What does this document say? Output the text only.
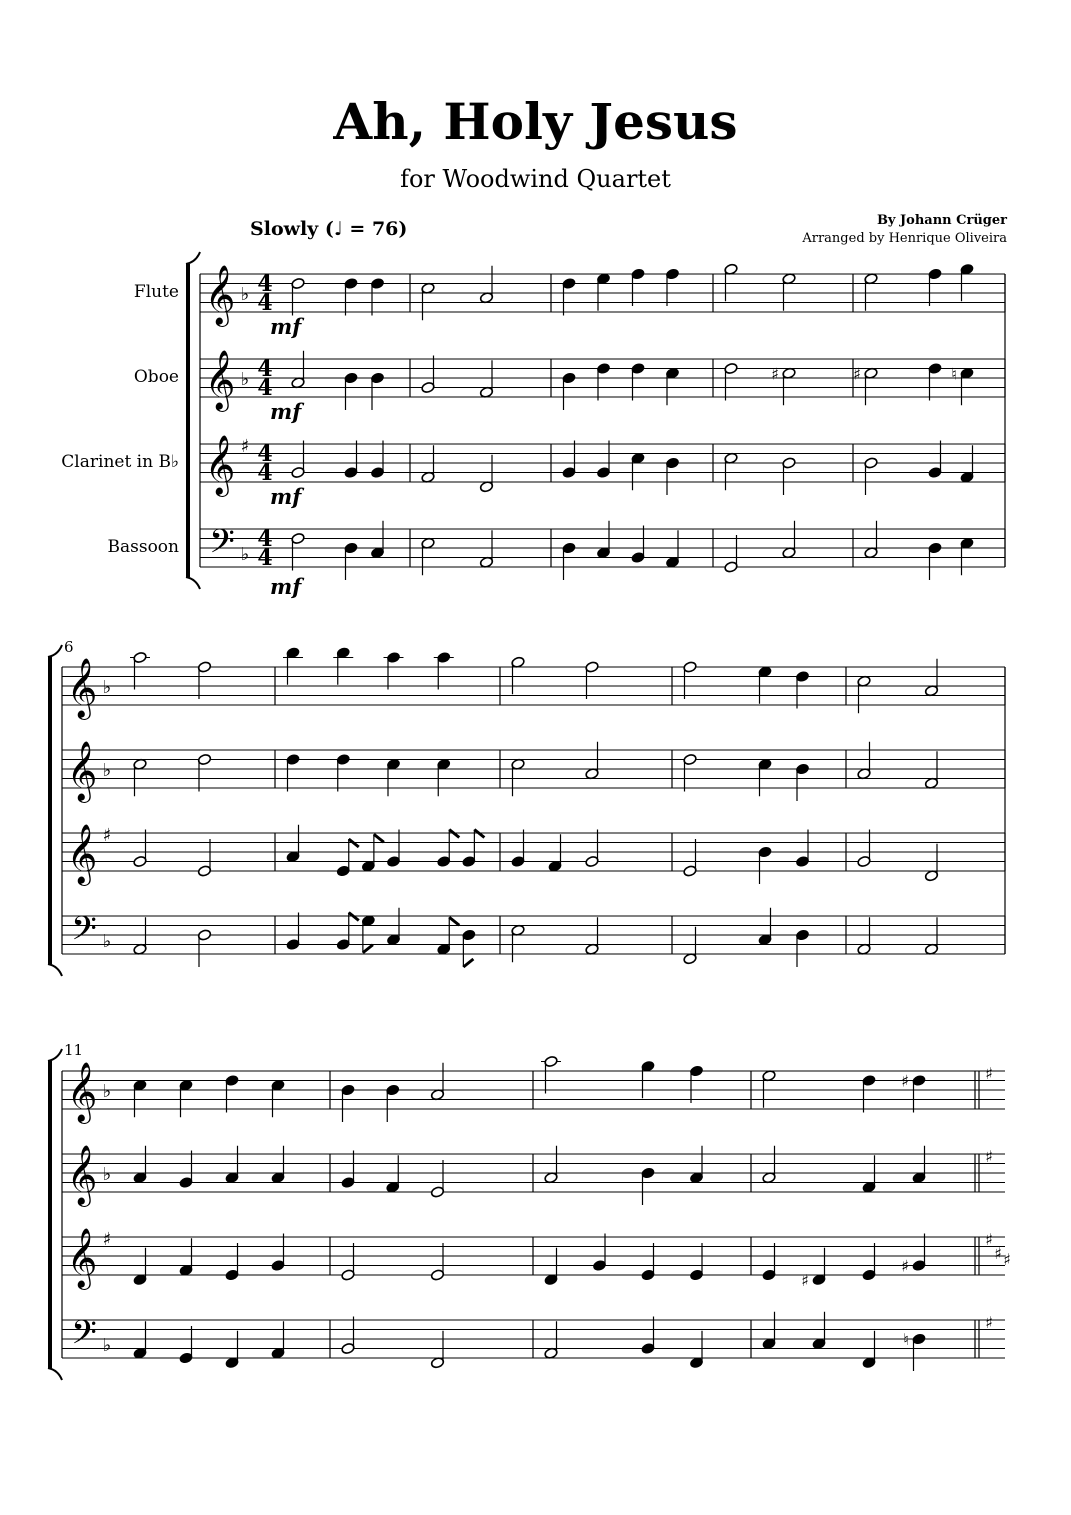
Ah, Holy Jesus
for Woodwind Quartet
Slowly (♩ = 76)	By Johann Crüger
Arranged by Henrique Oliveira
Flute
Oboe
Clarinet in B♭
Bassoon
6
11
mf
mf
mf
mf
𝄞 ♭ 4
4
𝄞 ♭ 4
4
𝄞 ♯ 4
4
𝄢 ♭
4
4
♯	♯	♮
𝄞 ♭
𝄞 ♭
𝄞 ♯
𝄢 ♭
𝄞 ♭
♯
𝄞 ♭
♯
𝄞 ♯	♯
♯ ♯
𝄢 ♭
♯
♯
♯
♯
♮
